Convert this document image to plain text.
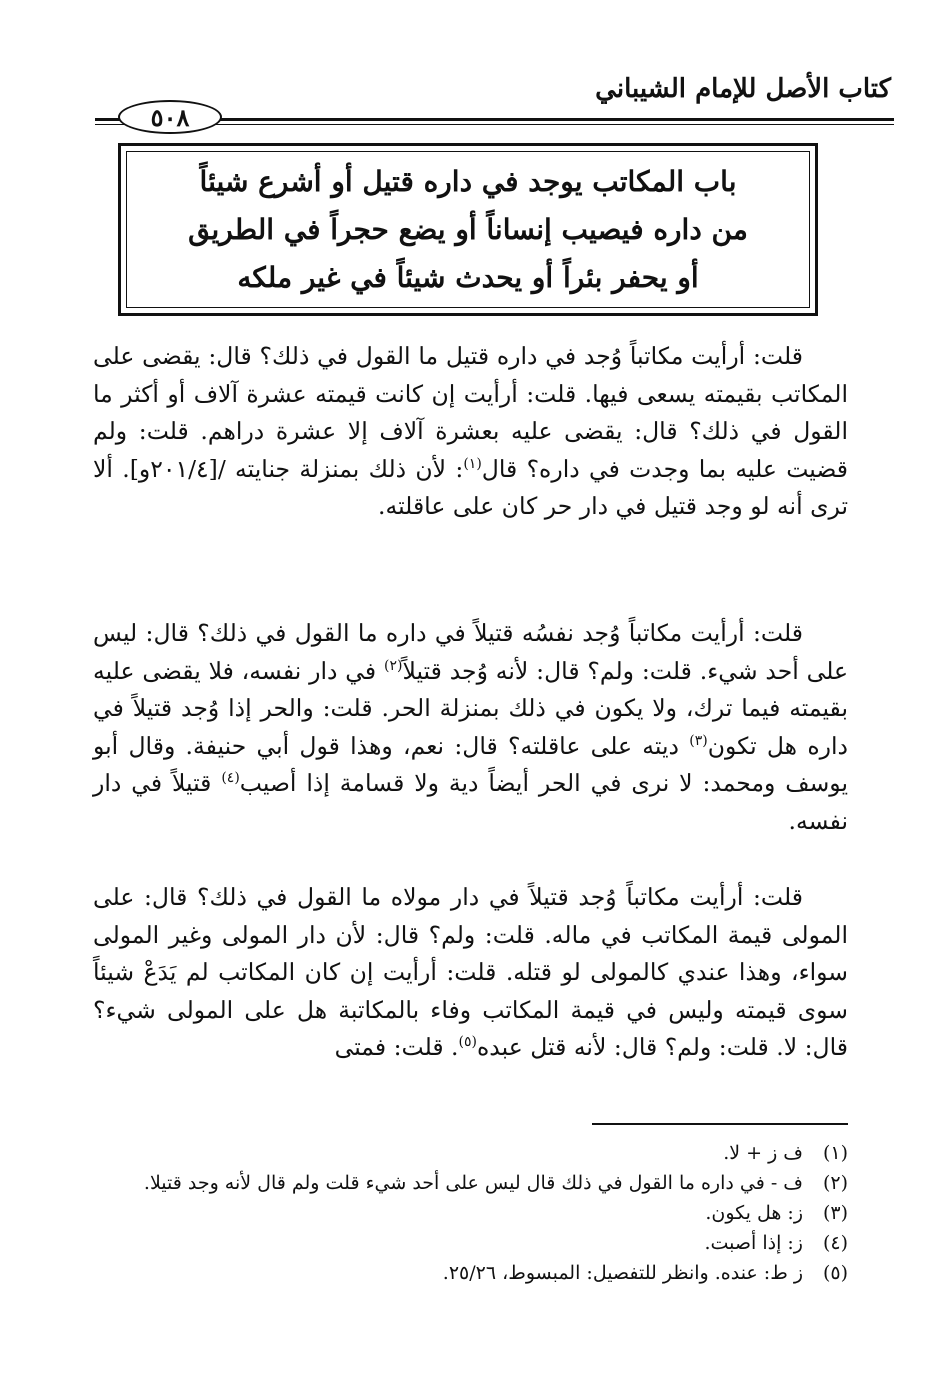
كتاب الأصل للإمام الشيباني
٥٠٨
باب المكاتب يوجد في داره قتيل أو أشرع شيئاً
من داره فيصيب إنساناً أو يضع حجراً في الطريق
أو يحفر بئراً أو يحدث شيئاً في غير ملكه

قلت: أرأيت مكاتباً وُجد في داره قتيل ما القول في ذلك؟ قال: يقضى على المكاتب بقيمته يسعى فيها. قلت: أرأيت إن كانت قيمته عشرة آلاف أو أكثر ما القول في ذلك؟ قال: يقضى عليه بعشرة آلاف إلا عشرة دراهم. قلت: ولم قضيت عليه بما وجدت في داره؟ قال$^{(١)}$: لأن ذلك بمنزلة جنايته /[٢٠١/٤و]. ألا ترى أنه لو وجد قتيل في دار حر كان على عاقلته.

قلت: أرأيت مكاتباً وُجد نفسُه قتيلاً في داره ما القول في ذلك؟ قال: ليس على أحد شيء. قلت: ولم؟ قال: لأنه وُجد قتيلاً$^{(٢)}$ في دار نفسه، فلا يقضى عليه بقيمته فيما ترك، ولا يكون في ذلك بمنزلة الحر. قلت: والحر إذا وُجد قتيلاً في داره هل تكون$^{(٣)}$ ديته على عاقلته؟ قال: نعم، وهذا قول أبي حنيفة. وقال أبو يوسف ومحمد: لا نرى في الحر أيضاً دية ولا قسامة إذا أصيب$^{(٤)}$ قتيلاً في دار نفسه.

قلت: أرأيت مكاتباً وُجد قتيلاً في دار مولاه ما القول في ذلك؟ قال: على المولى قيمة المكاتب في ماله. قلت: ولم؟ قال: لأن دار المولى وغير المولى سواء، وهذا عندي كالمولى لو قتله. قلت: أرأيت إن كان المكاتب لم يَدَعْ شيئاً سوى قيمته وليس في قيمة المكاتب وفاء بالمكاتبة هل على المولى شيء؟ قال: لا. قلت: ولم؟ قال: لأنه قتل عبده$^{(٥)}$. قلت: فمتى

(١)
ف ز + لا.
(٢)
ف - في داره ما القول في ذلك قال ليس على أحد شيء قلت ولم قال لأنه وجد قتيلا.
(٣)
ز: هل يكون.
(٤)
ز: إذا أصبت.
(٥)
ز ط: عنده. وانظر للتفصيل: المبسوط، ٢٥/٢٦.
